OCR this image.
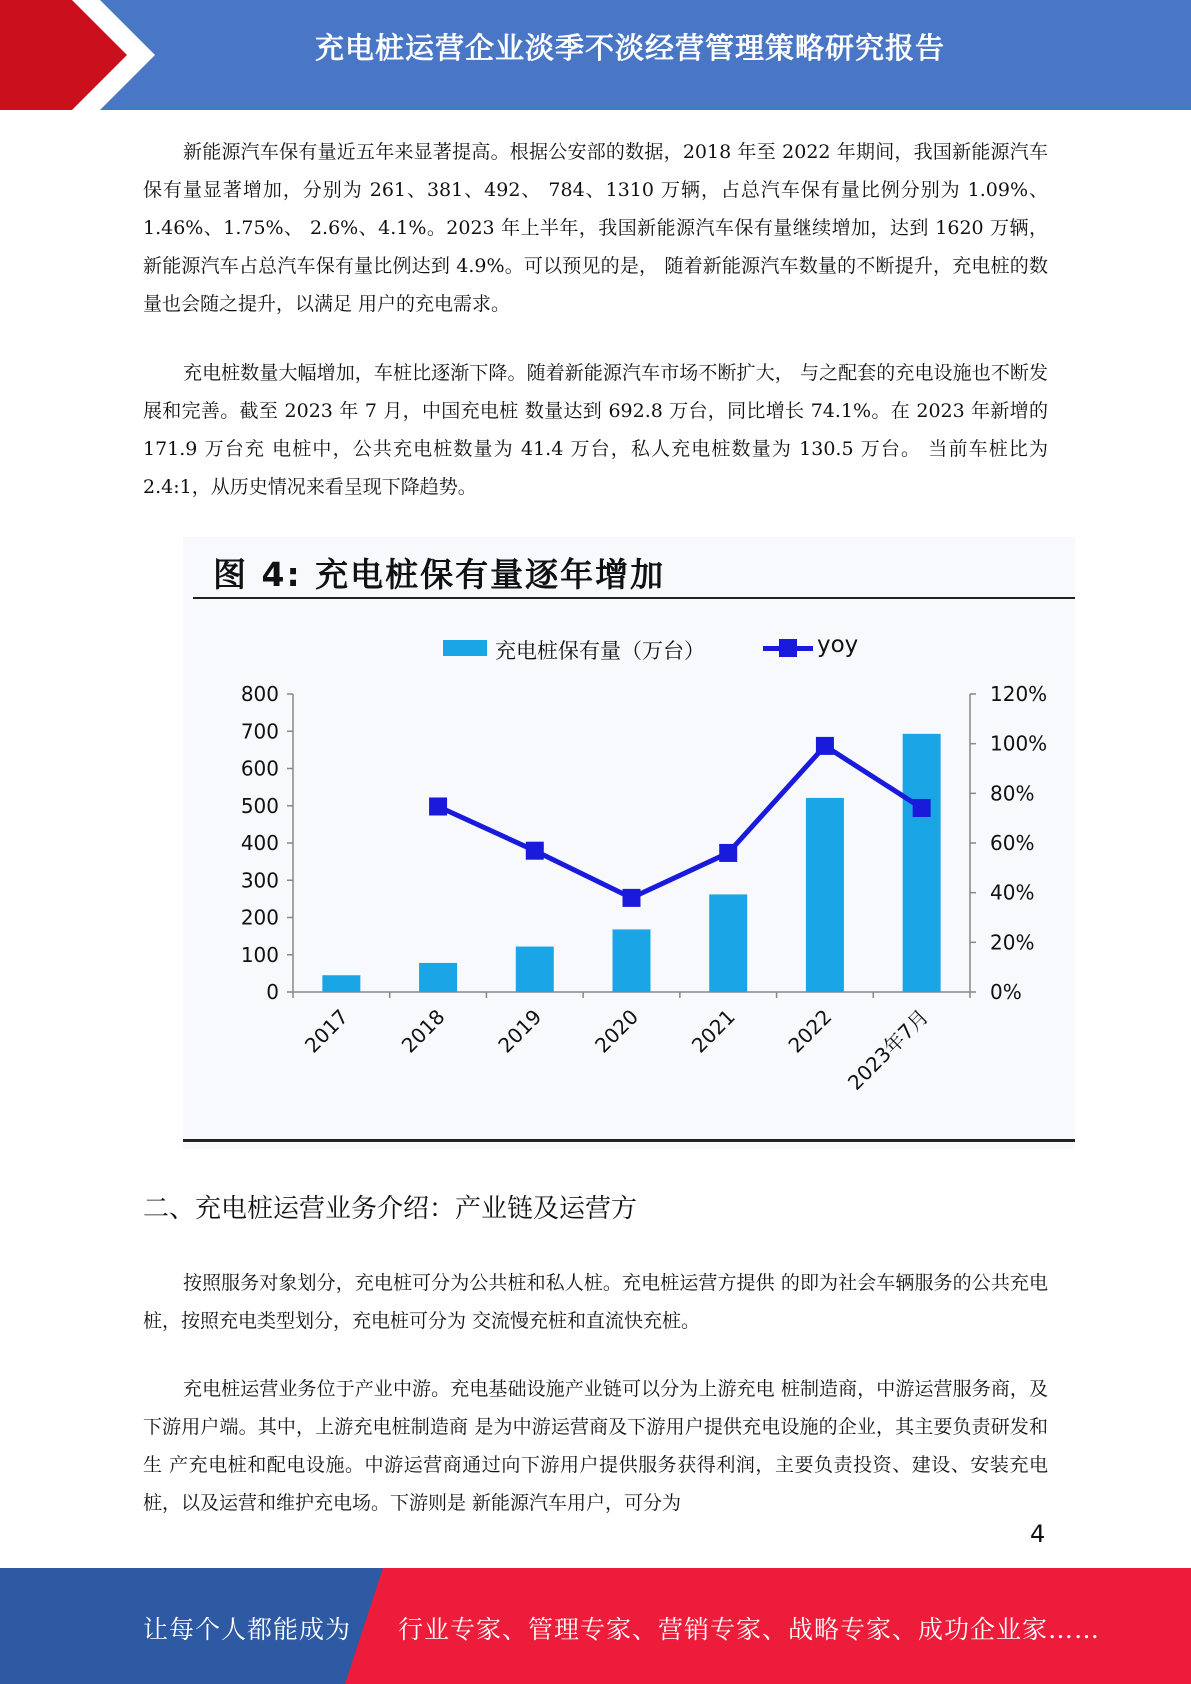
充电桩运营企业淡季不淡经营管理策略研究报告
新能源汽车保有量近五年来显著提高。根据公安部的数据，2018 年至 2022 年期间，我国新能源汽车保有量显著增加，分别为 261、381、492、 784、1310 万辆，占总汽车保有量比例分别为 1.09%、1.46%、1.75%、 2.6%、4.1%。2023 年上半年，我国新能源汽车保有量继续增加，达到 1620 万辆，新能源汽车占总汽车保有量比例达到 4.9%。可以预见的是， 随着新能源汽车数量的不断提升，充电桩的数量也会随之提升，以满足 用户的充电需求。
充电桩数量大幅增加，车桩比逐渐下降。随着新能源汽车市场不断扩大， 与之配套的充电设施也不断发展和完善。截至 2023 年 7 月，中国充电桩 数量达到 692.8 万台，同比增长 74.1%。在 2023 年新增的 171.9 万台充 电桩中，公共充电桩数量为 41.4 万台，私人充电桩数量为 130.5 万台。 当前车桩比为 2.4:1，从历史情况来看呈现下降趋势。
图 4: 充电桩保有量逐年增加
0
100
200
300
400
500
600
700
800
0%
20%
40%
60%
80%
100%
120%
2017 2018 2019 2020 2021 2022 2023年7月
充电桩保有量（万台）	yoy
二、充电桩运营业务介绍：产业链及运营方
按照服务对象划分，充电桩可分为公共桩和私人桩。充电桩运营方提供 的即为社会车辆服务的公共充电桩，按照充电类型划分，充电桩可分为 交流慢充桩和直流快充桩。
充电桩运营业务位于产业中游。充电基础设施产业链可以分为上游充电 桩制造商，中游运营服务商，及下游用户端。其中，上游充电桩制造商 是为中游运营商及下游用户提供充电设施的企业，其主要负责研发和生 产充电桩和配电设施。中游运营商通过向下游用户提供服务获得利润，主要负责投资、建设、安装充电桩，以及运营和维护充电场。下游则是 新能源汽车用户，可分为
4
让每个人都能成为 行业专家、管理专家、营销专家、战略专家、成功企业家……
